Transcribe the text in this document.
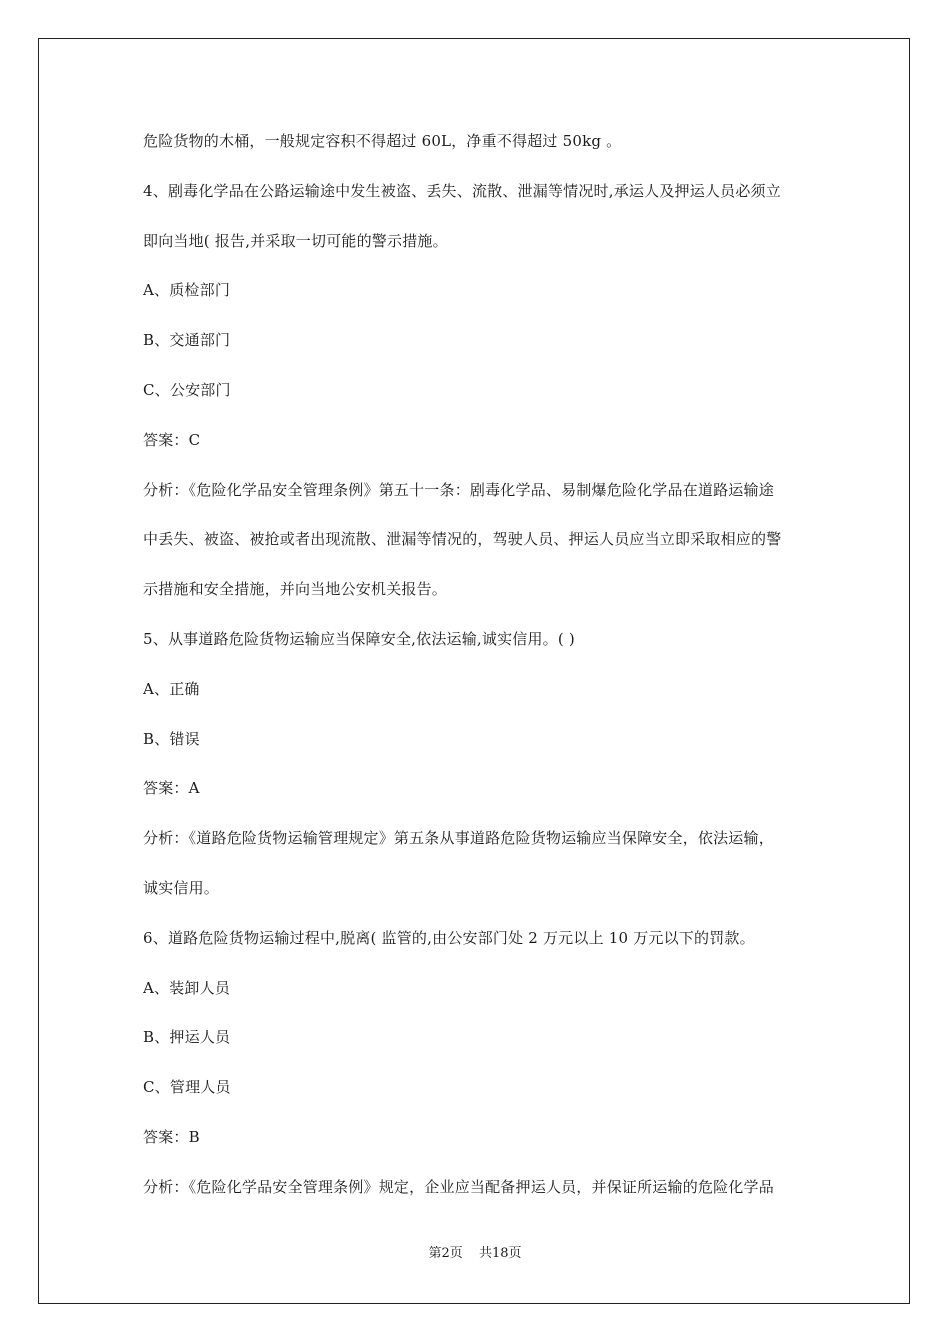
危险货物的木桶，一般规定容积不得超过 60L，净重不得超过 50kg 。
4、剧毒化学品在公路运输途中发生被盗、丢失、流散、泄漏等情况时,承运人及押运人员必须立
即向当地( 报告,并采取一切可能的警示措施。
A、质检部门
B、交通部门
C、公安部门
答案：C
分析：《危险化学品安全管理条例》第五十一条：剧毒化学品、易制爆危险化学品在道路运输途
中丢失、被盗、被抢或者出现流散、泄漏等情况的，驾驶人员、押运人员应当立即采取相应的警
示措施和安全措施，并向当地公安机关报告。
5、从事道路危险货物运输应当保障安全,依法运输,诚实信用。( )
A、正确
B、错误
答案：A
分析：《道路危险货物运输管理规定》第五条从事道路危险货物运输应当保障安全，依法运输，
诚实信用。
6、道路危险货物运输过程中,脱离( 监管的,由公安部门处 2 万元以上 10 万元以下的罚款。
A、装卸人员
B、押运人员
C、管理人员
答案：B
分析：《危险化学品安全管理条例》规定，企业应当配备押运人员，并保证所运输的危险化学品
第2页 共18页
